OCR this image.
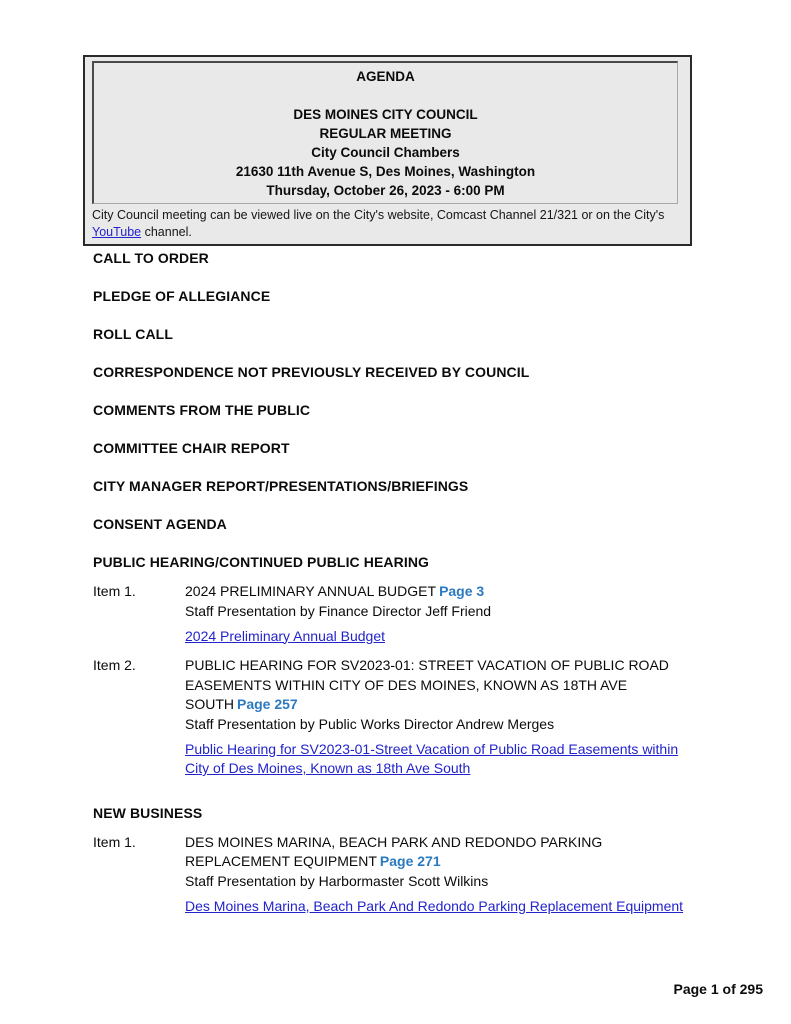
AGENDA
DES MOINES CITY COUNCIL
REGULAR MEETING
City Council Chambers
21630 11th Avenue S, Des Moines, Washington
Thursday, October 26, 2023 - 6:00 PM
City Council meeting can be viewed live on the City's website, Comcast Channel 21/321 or on the City's YouTube channel.
CALL TO ORDER
PLEDGE OF ALLEGIANCE
ROLL CALL
CORRESPONDENCE NOT PREVIOUSLY RECEIVED BY COUNCIL
COMMENTS FROM THE PUBLIC
COMMITTEE CHAIR REPORT
CITY MANAGER REPORT/PRESENTATIONS/BRIEFINGS
CONSENT AGENDA
PUBLIC HEARING/CONTINUED PUBLIC HEARING
Item 1.	2024 PRELIMINARY ANNUAL BUDGET Page 3
Staff Presentation by Finance Director Jeff Friend
2024 Preliminary Annual Budget
Item 2.	PUBLIC HEARING FOR SV2023-01: STREET VACATION OF PUBLIC ROAD EASEMENTS WITHIN CITY OF DES MOINES, KNOWN AS 18TH AVE SOUTH Page 257
Staff Presentation by Public Works Director Andrew Merges
Public Hearing for SV2023-01-Street Vacation of Public Road Easements within City of Des Moines, Known as 18th Ave South
NEW BUSINESS
Item 1.	DES MOINES MARINA, BEACH PARK AND REDONDO PARKING REPLACEMENT EQUIPMENT Page 271
Staff Presentation by Harbormaster Scott Wilkins
Des Moines Marina, Beach Park And Redondo Parking Replacement Equipment
Page 1 of 295
